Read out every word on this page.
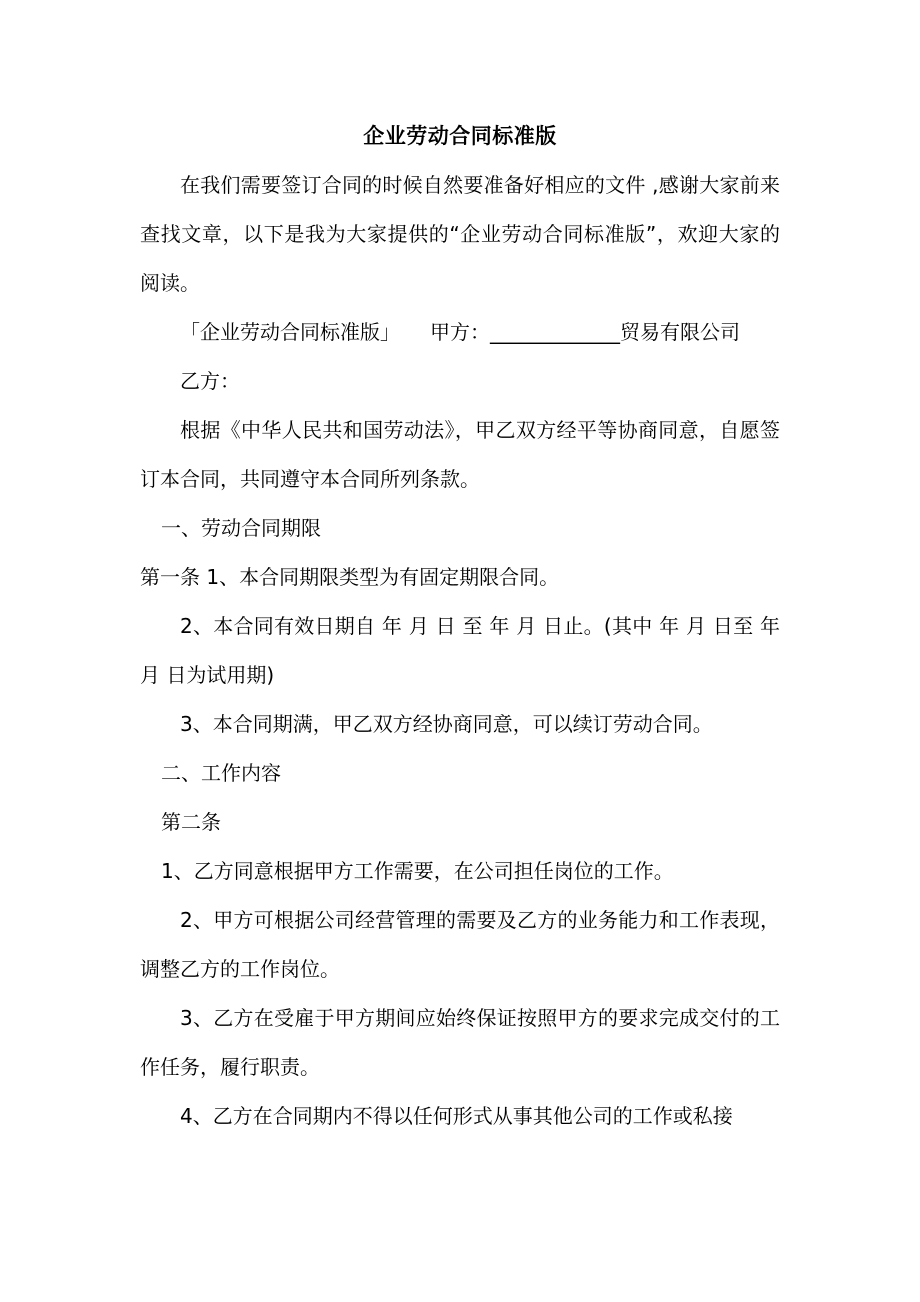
企业劳动合同标准版

在我们需要签订合同的时候自然要准备好相应的文件 ,感谢大家前来查找文章，以下是我为大家提供的“企业劳动合同标准版”，欢迎大家的阅读。

「企业劳动合同标准版」　　甲方：_____________贸易有限公司

乙方：

根据《中华人民共和国劳动法》，甲乙双方经平等协商同意，自愿签订本合同，共同遵守本合同所列条款。

一、劳动合同期限

第一条 1、本合同期限类型为有固定期限合同。

2、本合同有效日期自 年 月 日 至 年 月 日止。(其中 年 月 日至 年 月 日为试用期)

3、本合同期满，甲乙双方经协商同意，可以续订劳动合同。

二、工作内容

第二条

1、乙方同意根据甲方工作需要，在公司担任岗位的工作。

2、甲方可根据公司经营管理的需要及乙方的业务能力和工作表现，调整乙方的工作岗位。

3、乙方在受雇于甲方期间应始终保证按照甲方的要求完成交付的工作任务，履行职责。

4、乙方在合同期内不得以任何形式从事其他公司的工作或私接
